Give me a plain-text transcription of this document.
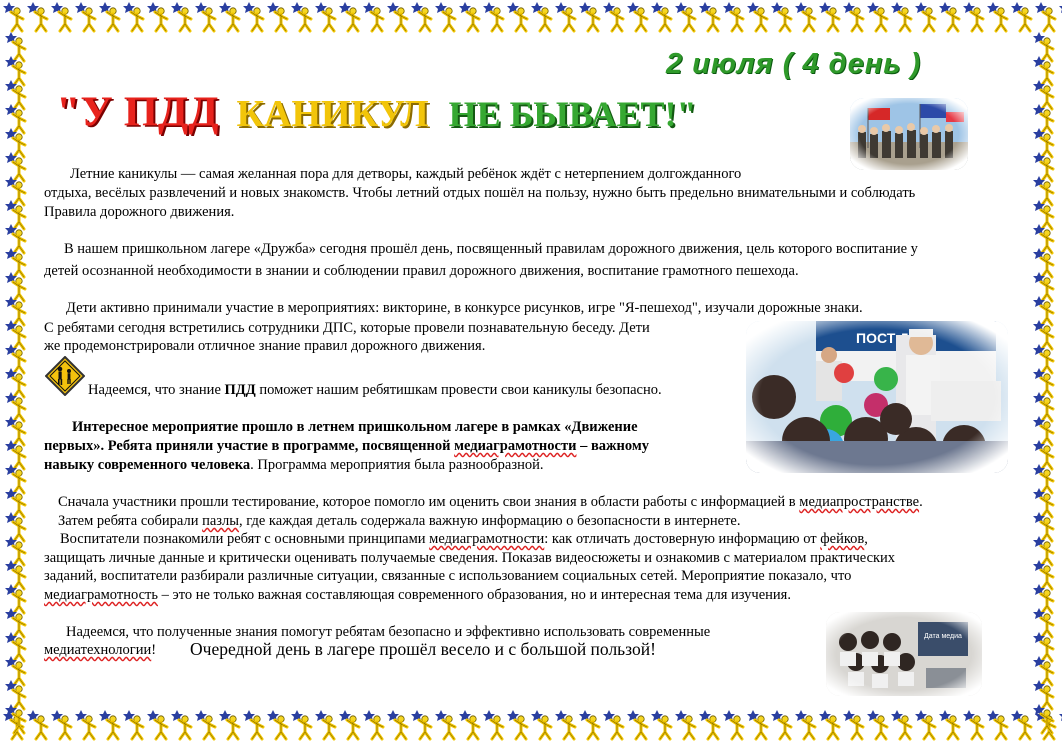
2 июля ( 4 день )
"У ПДД КАНИКУЛ НЕ БЫВАЕТ!"
Летние каникулы — самая желанная пора для детворы, каждый ребёнок ждёт с нетерпением долгожданного
отдыха, весёлых развлечений и новых знакомств. Чтобы летний отдых пошёл на пользу, нужно быть предельно внимательными и соблюдать
Правила дорожного движения.
В нашем пришкольном лагере «Дружба» сегодня прошёл день, посвященный правилам дорожного движения, цель которого воспитание у
детей осознанной необходимости в знании и соблюдении правил дорожного движения, воспитание грамотного пешехода.
Дети активно принимали участие в мероприятиях: викторине, в конкурсе рисунков, игре "Я-пешеход", изучали дорожные знаки.
С ребятами сегодня встретились сотрудники ДПС, которые провели познавательную беседу. Дети
же продемонстрировали отличное знание правил дорожного движения.
Надеемся, что знание ПДД поможет нашим ребятишкам провести свои каникулы безопасно.
Интересное мероприятие прошло в летнем пришкольном лагере в рамках «Движение
первых». Ребята приняли участие в программе, посвященной медиаграмотности – важному
навыку современного человека. Программа мероприятия была разнообразной.
Сначала участники прошли тестирование, которое помогло им оценить свои знания в области работы с информацией в медиапространстве.
Затем ребята собирали пазлы, где каждая деталь содержала важную информацию о безопасности в интернете.
Воспитатели познакомили ребят с основными принципами медиаграмотности: как отличать достоверную информацию от фейков,
защищать личные данные и критически оценивать получаемые сведения. Показав видеосюжеты и ознакомив с материалом практических
заданий, воспитатели разбирали различные ситуации, связанные с использованием социальных сетей. Мероприятие показало, что
медиаграмотность – это не только важная составляющая современного образования, но и интересная тема для изучения.
Надеемся, что полученные знания помогут ребятам безопасно и эффективно использовать современные
медиатехнологии! Очередной день в лагере прошёл весело и с большой пользой!
